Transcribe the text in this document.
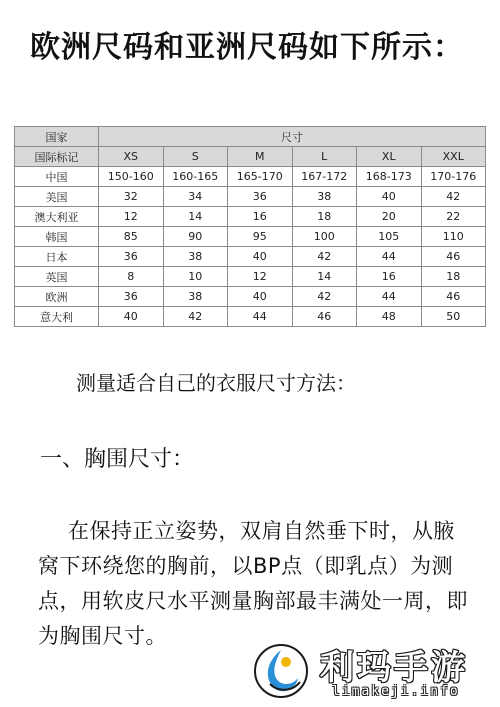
欧洲尺码和亚洲尺码如下所示：
国家	尺寸					
国际标记	XS	S	M	L	XL	XXL
中国	150-160	160-165	165-170	167-172	168-173	170-176
美国	32	34	36	38	40	42
澳大利亚	12	14	16	18	20	22
韩国	85	90	95	100	105	110
日本	36	38	40	42	44	46
英国	8	10	12	14	16	18
欧洲	36	38	40	42	44	46
意大利	40	42	44	46	48	50
测量适合自己的衣服尺寸方法：
一、胸围尺寸：
在保持正立姿势，双肩自然垂下时，从腋窝下环绕您的胸前，以BP点（即乳点）为测点，用软皮尺水平测量胸部最丰满处一周，即为胸围尺寸。
利玛手游
limakeji.info
